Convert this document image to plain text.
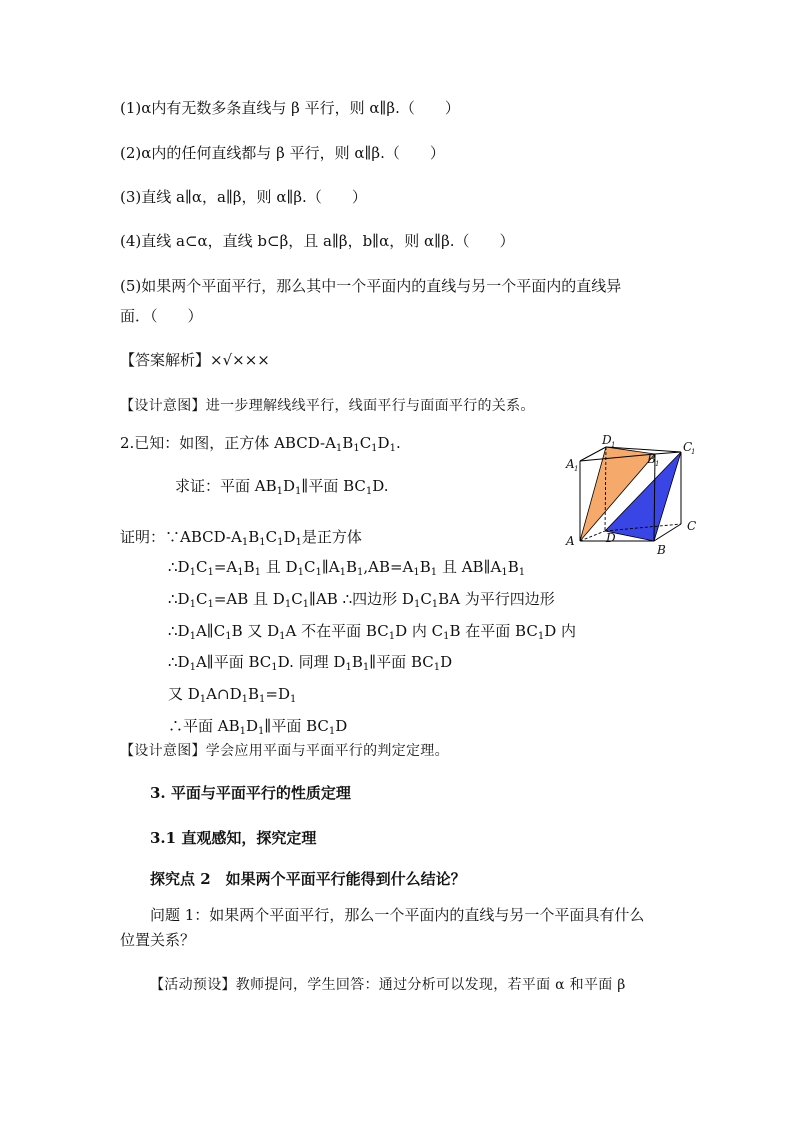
(1)α内有无数多条直线与 β 平行，则 α∥β.（　　）
(2)α内的任何直线都与 β 平行，则 α∥β.（　　）
(3)直线 a∥α，a∥β，则 α∥β.（　　）
(4)直线 a⊂α，直线 b⊂β，且 a∥β，b∥α，则 α∥β.（　　）
(5)如果两个平面平行，那么其中一个平面内的直线与另一个平面内的直线异
面．（　　）
【答案解析】×√×××
【设计意图】进一步理解线线平行，线面平行与面面平行的关系。
2.已知：如图，正方体 ABCD-$A_1B_1C_1D_1$.
求证：平面 $AB_1D_1\parallel$平面 $BC_1D$.
证明：$\because ABCD-A_1B_1C_1D_1$是正方体
$\therefore D_1C_1=A_1B_1$ 且 $D_1C_1\parallel A_1B_1,AB=A_1B_1$ 且 $AB\parallel A_1B_1$
$\therefore D_1C_1=AB$ 且 $D_1C_1\parallel AB$ ∴四边形 $D_1C_1BA$ 为平行四边形
$\therefore D_1A\parallel C_1B$ 又 $D_1A$ 不在平面 $BC_1D$ 内 $C_1B$ 在平面 $BC_1D$ 内
$\therefore D_1A\parallel$平面 $BC_1D$. 同理 $D_1B_1\parallel$平面 $BC_1D$
又 $D_1A\cap D_1B_1=D_1$
∴平面 $AB_1D_1\parallel$平面 $BC_1D$
【设计意图】学会应用平面与平面平行的判定定理。
3. 平面与平面平行的性质定理
3.1 直观感知，探究定理
探究点 2　如果两个平面平行能得到什么结论？
问题 1：如果两个平面平行，那么一个平面内的直线与另一个平面具有什么
位置关系？
【活动预设】教师提问，学生回答：通过分析可以发现，若平面 α 和平面 β
A	D
B
C
A 1
D 1
B 1
C
1
